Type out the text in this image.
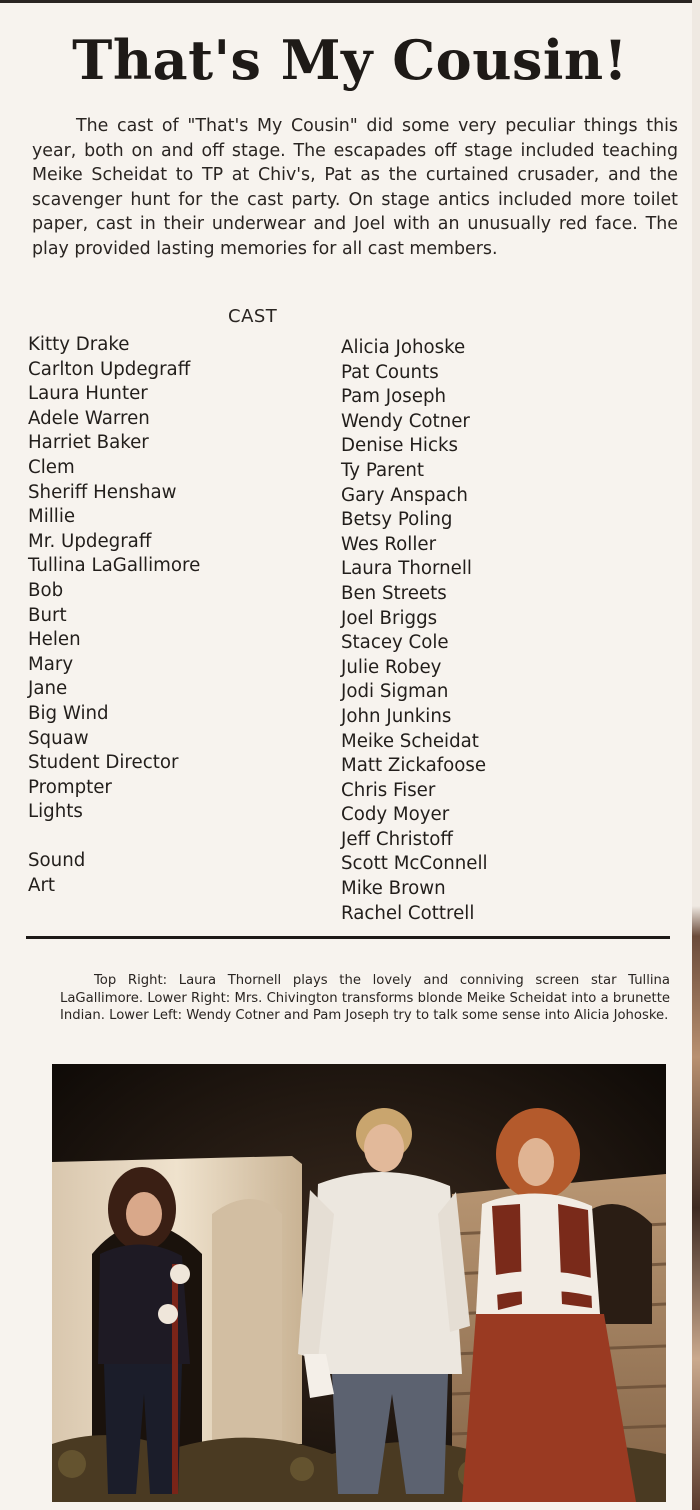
That's My Cousin!
The cast of "That's My Cousin" did some very peculiar things this year, both on and off stage. The escapades off stage included teaching Meike Scheidat to TP at Chiv's, Pat as the curtained crusader, and the scavenger hunt for the cast party. On stage antics included more toilet paper, cast in their underwear and Joel with an unusually red face. The play provided lasting memories for all cast members.
CAST
Kitty Drake
Carlton Updegraff
Laura Hunter
Adele Warren
Harriet Baker
Clem
Sheriff Henshaw
Millie
Mr. Updegraff
Tullina LaGallimore
Bob
Burt
Helen
Mary
Jane
Big Wind
Squaw
Student Director
Prompter
Lights

Sound
Art
Alicia Johoske
Pat Counts
Pam Joseph
Wendy Cotner
Denise Hicks
Ty Parent
Gary Anspach
Betsy Poling
Wes Roller
Laura Thornell
Ben Streets
Joel Briggs
Stacey Cole
Julie Robey
Jodi Sigman
John Junkins
Meike Scheidat
Matt Zickafoose
Chris Fiser
Cody Moyer
Jeff Christoff
Scott McConnell
Mike Brown
Rachel Cottrell
Top Right: Laura Thornell plays the lovely and conniving screen star Tullina LaGallimore. Lower Right: Mrs. Chivington transforms blonde Meike Scheidat into a brunette Indian. Lower Left: Wendy Cotner and Pam Joseph try to talk some sense into Alicia Johoske.
